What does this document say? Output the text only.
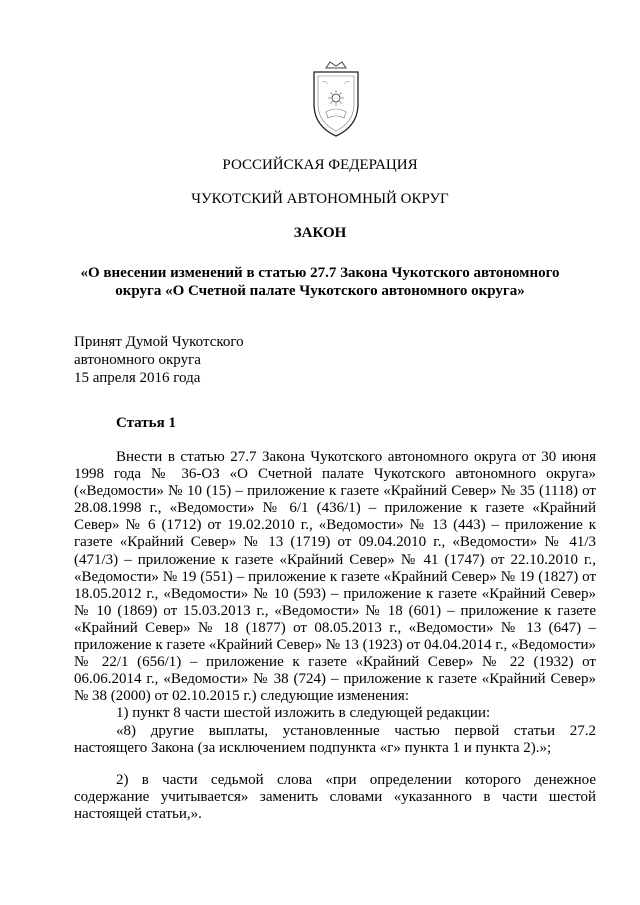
РОССИЙСКАЯ ФЕДЕРАЦИЯ
ЧУКОТСКИЙ АВТОНОМНЫЙ ОКРУГ
ЗАКОН
«О внесении изменений в статью 27.7 Закона Чукотского автономного
округа «О Счетной палате Чукотского автономного округа»
Принят Думой Чукотского
автономного округа
15 апреля 2016 года
Статья 1

Внести в статью 27.7 Закона Чукотского автономного округа от 30 июня 1998 года № 36-ОЗ «О Счетной палате Чукотского автономного округа» («Ведомости» № 10 (15) – приложение к газете «Крайний Север» № 35 (1118) от 28.08.1998 г., «Ведомости» № 6/1 (436/1) – приложение к газете «Крайний Север» № 6 (1712) от 19.02.2010 г., «Ведомости» № 13 (443) – приложение к газете «Крайний Север» № 13 (1719) от 09.04.2010 г., «Ведомости» № 41/3 (471/3) – приложение к газете «Крайний Север» № 41 (1747) от 22.10.2010 г., «Ведомости» № 19 (551) – приложение к газете «Крайний Север» № 19 (1827) от 18.05.2012 г., «Ведомости» № 10 (593) – приложение к газете «Крайний Север» № 10 (1869) от 15.03.2013 г., «Ведомости» № 18 (601) – приложение к газете «Крайний Север» № 18 (1877) от 08.05.2013 г., «Ведомости» № 13 (647) – приложение к газете «Крайний Север» № 13 (1923) от 04.04.2014 г., «Ведомости» № 22/1 (656/1) – приложение к газете «Крайний Север» № 22 (1932) от 06.06.2014 г., «Ведомости» № 38 (724) – приложение к газете «Крайний Север» № 38 (2000) от 02.10.2015 г.) следующие изменения:

1) пункт 8 части шестой изложить в следующей редакции:

«8) другие выплаты, установленные частью первой статьи 27.2 настоящего Закона (за исключением подпункта «г» пункта 1 и пункта 2).»;

2) в части седьмой слова «при определении которого денежное содержание учитывается» заменить словами «указанного в части шестой настоящей статьи,».
